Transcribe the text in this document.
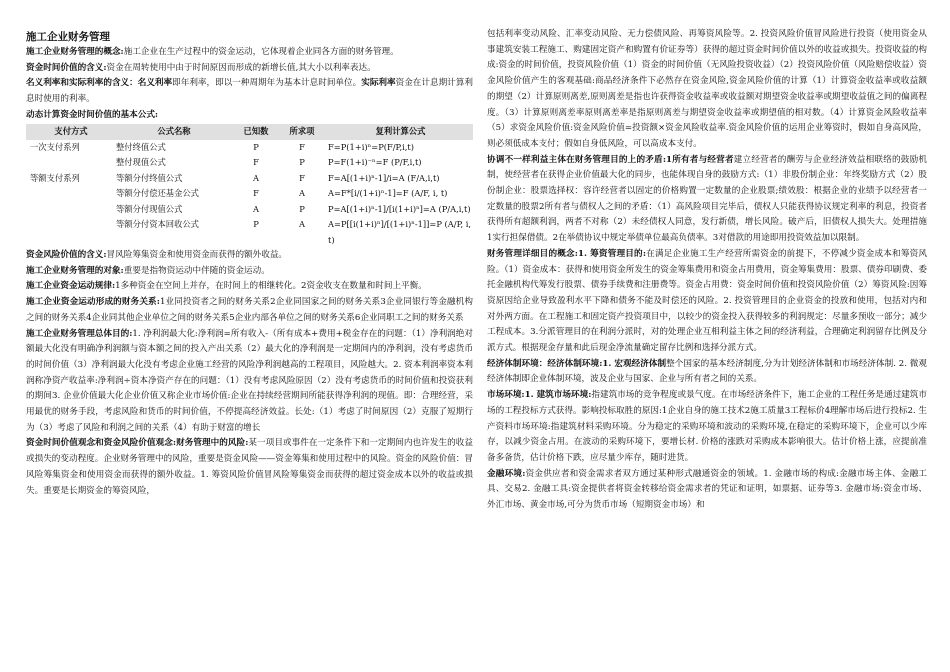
施工企业财务管理

施工企业财务管理的概念:施工企业在生产过程中的资金运动，它体现着企业同各方面的财务管理。

资金时间价值的含义:资金在周转使用中由于时间原因而形成的新增长值,其大小以利率表达。

名义利率和实际利率的含义：名义利率即年利率，即以一种周期年为基本计息时间单位。实际利率资金在计息期计算利息时使用的利率。

动态计算资金时间价值的基本公式:
支付方式	公式名称	已知数	所求项	复利计算公式
一次支付系列	整付终值公式	P	F	F=P(1+i)ⁿ=P(F/P,i,t)
	整付现值公式	F	P	P=F(1+i)⁻ⁿ=F (P/F,i,t)
等额支付系列	等额分付终值公式	A	F	F=A[(1+i)ⁿ-1]/i=A (F/A,i,t)
	等额分付偿还基金公式	F	A	A=F*[i/(1+i)ⁿ-1]=F (A/F, i, t)
	等额分付现值公式	A	P	P=A[(1+i)ⁿ-1]/[i(1+i)ⁿ]=A (P/A,i,t)
	等额分付资本回收公式	P	A	A=P[[i(1+i)ⁿ]/[(1+i)ⁿ-1]]=P (A/P, i, t)

资金风险价值的含义:冒风险筹集资金和使用资金而获得的额外收益。

施工企业财务管理的对象:重要是指物资运动中伴随的资金运动。

施工企业资金运动规律:1多种资金在空间上并存，在时间上的相继转化。2资金收支在数量和时间上平衡。

施工企业资金运动形成的财务关系:1业同投资者之间的财务关系2企业同国家之间的财务关系3企业同银行等金融机构之间的财务关系4企业同其他企业单位之间的财务关系5企业内部各单位之间的财务关系6企业同职工之间的财务关系

施工企业财务管理总体目的:1. 净利润最大化:净利润=所有收入-（所有成本+费用+税金存在的问题：（1）净利润绝对额最大化没有明确净利润额与资本额之间的投入产出关系（2）最大化的净利润是一定期间内的净利润，没有考虑货币的时间价值（3）净利润最大化没有考虑企业施工经营的风险净利润越高的工程项目，风险越大。2. 资本利润率资本利润称净资产收益率:净利润÷资本净资产存在的问题：（1）没有考虑风险原因（2）没有考虑货币的时间价值和投资获利的期间3. 企业价值最大化企业价值又称企业市场价值:企业在持续经营期间所能获得净利润的现值。即：合理经营，采用最优的财务手段，考虑风险和货币的时间价值，不停提高经济效益。长处:（1）考虑了时间原因（2）克服了短期行为（3）考虑了风险和利润之间的关系（4）有助于财富的增长

资金时间价值观念和资金风险价值观念:财务管理中的风险:某一项目或事件在一定条件下和一定期间内也许发生的收益或损失的变动程度。企业财务管理中的风险，重要是资金风险——资金筹集和使用过程中的风险。资金的风险价值：冒风险筹集资金和使用资金而获得的额外收益。1. 筹资风险价值冒风险筹集资金而获得的超过资金成本以外的收益或损失。重要是长期资金的筹资风险，

包括利率变动风险、汇率变动风险、无力偿债风险、再筹资风险等。2. 投资风险价值冒风险进行投资（使用资金从事建筑安装工程施工、购建固定资产和购置有价证券等）获得的超过资金时间价值以外的收益或损失。投资收益的构成:资金的时间价值，投资风险价值（1）资金的时间价值（无风险投资收益）（2）投资风险价值（风险赔偿收益）资金风险价值产生的客观基础:商品经济条件下必然存在资金风险,资金风险价值的计算（1）计算资金收益率或收益额的期望（2）计算原则离差,原则离差是指也许获得资金收益率或收益额对期望资金收益率或期望收益值之间的偏离程度。（3）计算原则离差率原则离差率是指原则离差与期望资金收益率或期望值的相对数。（4）计算资金风险收益率（5）求资金风险价值:资金风险价值=投资额×资金风险收益率.资金风险价值的运用企业筹资时，假如自身高风险，则必须低成本支付；假如自身低风险，可以高成本支付。

协调不一样利益主体在财务管理目的上的矛盾:1所有者与经营者建立经营者的酬劳与企业经济效益相联络的鼓励机制，使经营者在获得企业价值最大化的同步，也能体现自身的鼓励方式:（1）非股份制企业：年终奖励方式（2）股份制企业：股票选择权：容许经营者以固定的价格购置一定数量的企业股票;绩效股：根据企业的业绩予以经营者一定数量的股票2所有者与债权人之间的矛盾：（1）高风险项目完毕后，债权人只能获得协议规定利率的利息，投资者获得所有超额利润，两者不对称（2）未经债权人同意，发行新债，增长风险。破产后，旧债权人损失大。处理措施1实行担保借债。2在举债协议中规定举债单位最高负债率。3对借款的用途即用投资效益加以限制。

财务管理详细目的概念:1. 筹资管理目的:在满足企业施工生产经营所需资金的前提下，不停减少资金成本和筹资风险。（1）资金成本：获得和使用资金所发生的资金筹集费用和资金占用费用，资金筹集费用：股票、债券印刷费、委托金融机构代筹发行股票、债券手续费和注册费等。资金占用费：资金时间价值和投资风险价值（2）筹资风险:因筹资原因给企业导致盈利水平下降和债务不能及时偿还的风险。2. 投资管理目的企业资金的投放和使用，包括对内和对外两方面。在工程施工和固定资产投资项目中，以较少的资金投入获得较多的利润规定：尽量多预收一部分；减少工程成本。3.分派管理目的在利润分派时，对的处理企业互相利益主体之间的经济利益，合理确定利润留存比例及分派方式。根据现金存量和此后现金净流量确定留存比例和选择分派方式。

经济体制环境：经济体制环境:1. 宏观经济体制整个国家的基本经济制度,分为计划经济体制和市场经济体制. 2. 微观经济体制即企业体制环境，波及企业与国家、企业与所有者之间的关系。

市场环境:1. 建筑市场环境:指建筑市场的竞争程度或景气度。在市场经济条件下，施工企业的工程任务是通过建筑市场的工程投标方式获得。影响投标取胜的原因:1企业自身的施工技术2施工质量3工程标价4理解市场后进行投标2. 生产资料市场环境:指建筑材料采购环境。分为稳定的采购环境和波动的采购环境,在稳定的采购环境下，企业可以少库存，以减少资金占用。在波动的采购环境下，要增长材. 价格的涨跌对采购成本影响很大。估计价格上涨，应提前准备多备货，估计价格下跌，应尽量少库存，随时进货。

金融环境:资金供应者和资金需求者双方通过某种形式融通资金的领域。1. 金融市场的构成:金融市场主体、金融工具、交易2. 金融工具:资金提供者将资金转移给资金需求者的凭证和证明，如票据、证券等3. 金融市场:资金市场、外汇市场、黄金市场,可分为货币市场（短期资金市场）和
